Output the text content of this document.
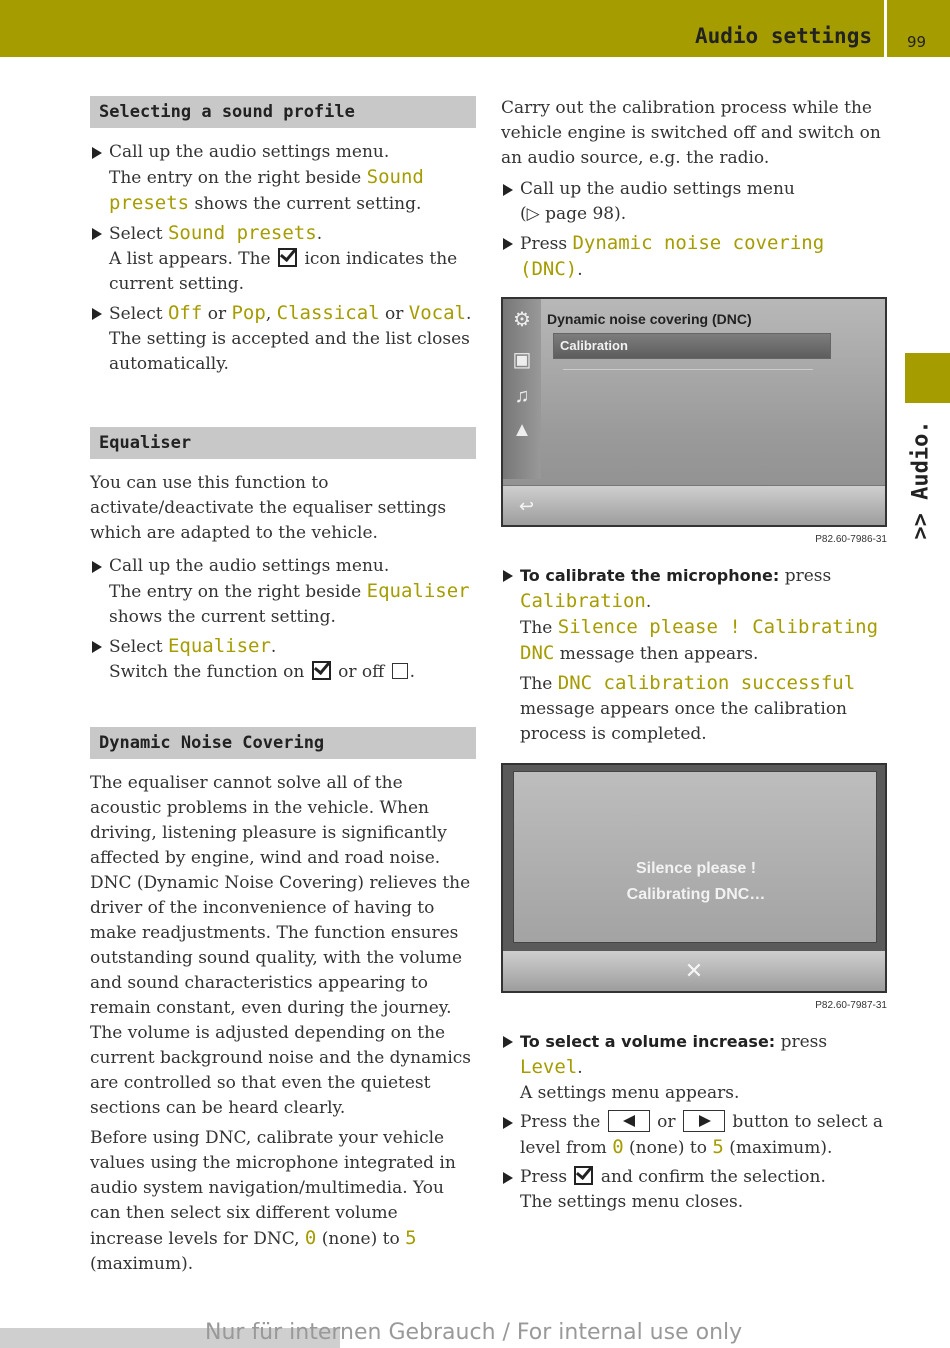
Audio settings 99
>> Audio.
Selecting a sound profile

Call up the audio settings menu.
The entry on the right beside Sound presets shows the current setting.

Select Sound presets.
A list appears. The icon indicates the current setting.

Select Off or Pop, Classical or Vocal.
The setting is accepted and the list closes automatically.

Equaliser

You can use this function to activate/deactivate the equaliser settings which are adapted to the vehicle.

Call up the audio settings menu.
The entry on the right beside Equaliser shows the current setting.

Select Equaliser.
Switch the function on or off .

Dynamic Noise Covering

The equaliser cannot solve all of the acoustic problems in the vehicle. When driving, listening pleasure is significantly affected by engine, wind and road noise. DNC (Dynamic Noise Covering) relieves the driver of the inconvenience of having to make readjustments. The function ensures outstanding sound quality, with the volume and sound characteristics appearing to remain constant, even during the journey. The volume is adjusted depending on the current background noise and the dynamics are controlled so that even the quietest sections can be heard clearly.

Before using DNC, calibrate your vehicle values using the microphone integrated in audio system navigation/multimedia. You can then select six different volume increase levels for DNC, 0 (none) to 5 (maximum).

Carry out the calibration process while the vehicle engine is switched off and switch on an audio source, e.g. the radio.

Call up the audio settings menu
(▷ page 98).

Press Dynamic noise covering (DNC).

⚙
▣
♫
▲
Dynamic noise covering (DNC)
Calibration
↩
P82.60-7986-31

To calibrate the microphone: press Calibration.
The Silence please ! Calibrating DNC message then appears.

The DNC calibration successful message appears once the calibration process is completed.

Silence please !
Calibrating DNC…
✕
P82.60-7987-31

To select a volume increase: press
Level.
A settings menu appears.

Press the	or	button to select a level from 0 (none) to 5 (maximum).

Press and confirm the selection.
The settings menu closes.

Nur für internen Gebrauch / For internal use only
